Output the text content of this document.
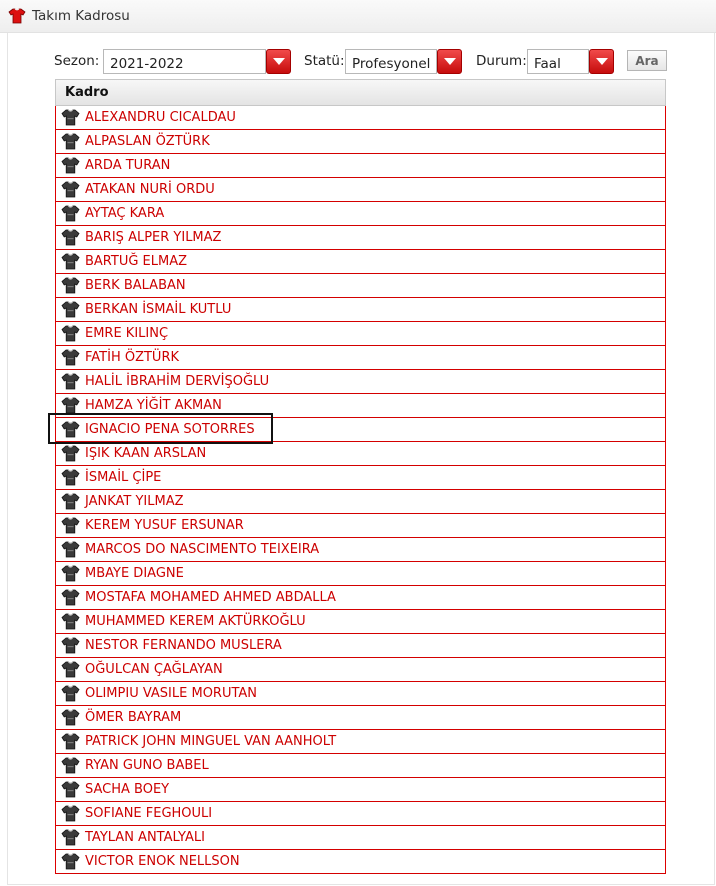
Takım Kadrosu
Sezon: 2021-2022	Statü: Profesyonel	Durum: Faal	Ara
Kadro
ALEXANDRU CICALDAU
ALPASLAN ÖZTÜRK
ARDA TURAN
ATAKAN NURİ ORDU
AYTAÇ KARA
BARIŞ ALPER YILMAZ
BARTUĞ ELMAZ
BERK BALABAN
BERKAN İSMAİL KUTLU
EMRE KILINÇ
FATİH ÖZTÜRK
HALİL İBRAHİM DERVİŞOĞLU
HAMZA YİĞİT AKMAN
IGNACIO PENA SOTORRES
IŞIK KAAN ARSLAN
İSMAİL ÇİPE
JANKAT YILMAZ
KEREM YUSUF ERSUNAR
MARCOS DO NASCIMENTO TEIXEIRA
MBAYE DIAGNE
MOSTAFA MOHAMED AHMED ABDALLA
MUHAMMED KEREM AKTÜRKOĞLU
NESTOR FERNANDO MUSLERA
OĞULCAN ÇAĞLAYAN
OLIMPIU VASILE MORUTAN
ÖMER BAYRAM
PATRICK JOHN MINGUEL VAN AANHOLT
RYAN GUNO BABEL
SACHA BOEY
SOFIANE FEGHOULI
TAYLAN ANTALYALI
VICTOR ENOK NELLSON
